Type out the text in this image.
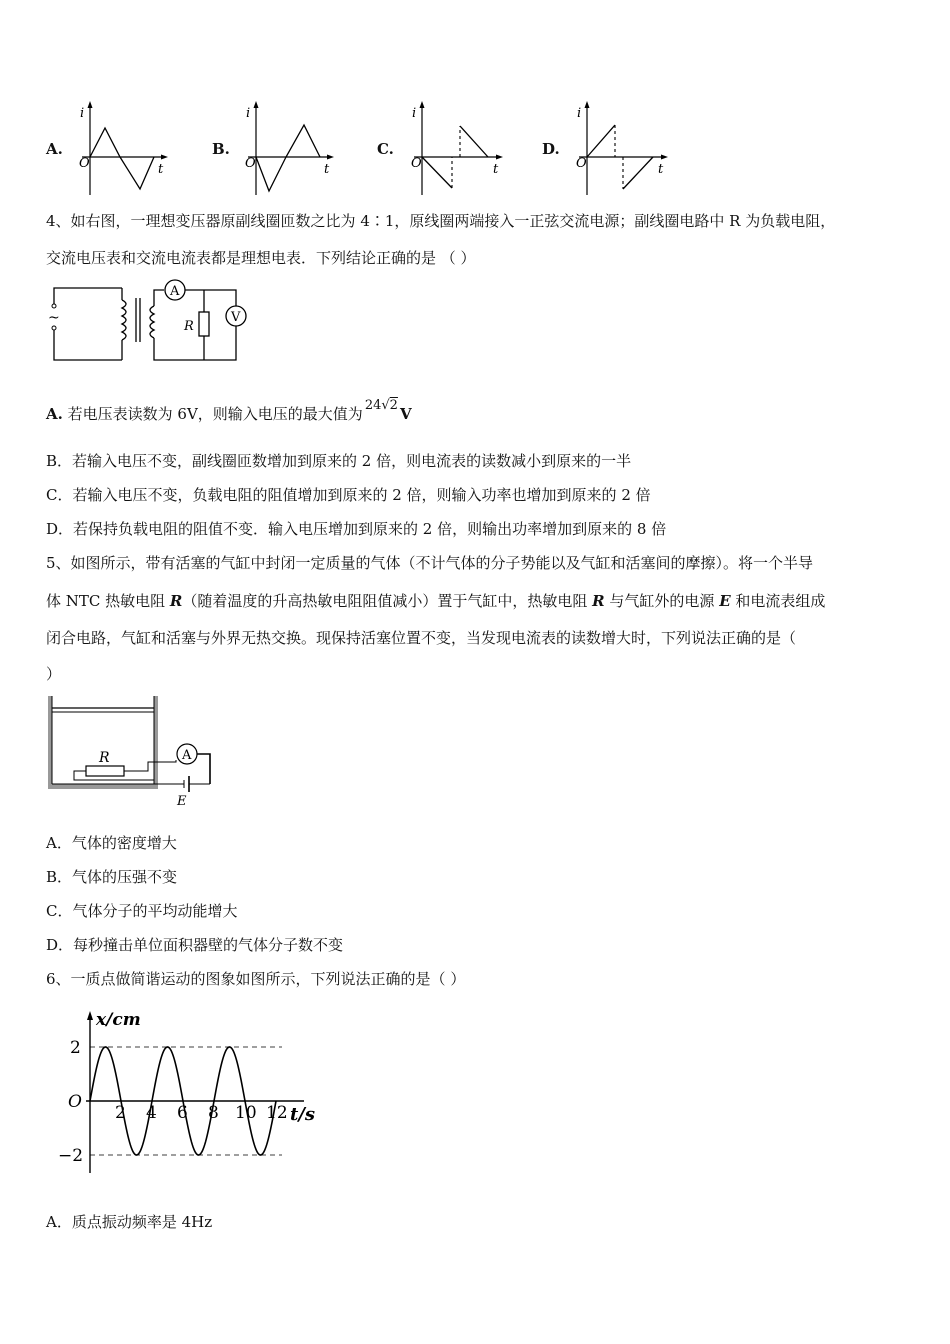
A.
O
i
t
B.
O
i
t
C.
O
i
t
D.
O
i
t
4、如右图，一理想变压器原副线圈匝数之比为 4∶1，原线圈两端接入一正弦交流电源；副线圈电路中 R 为负载电阻，
交流电压表和交流电流表都是理想电表．下列结论正确的是 （ ）
~
A
R
V
A. 若电压表读数为 6V，则输入电压的最大值为 24√2 V
B．若输入电压不变，副线圈匝数增加到原来的 2 倍，则电流表的读数减小到原来的一半
C．若输入电压不变，负载电阻的阻值增加到原来的 2 倍，则输入功率也增加到原来的 2 倍
D．若保持负载电阻的阻值不变．输入电压增加到原来的 2 倍，则输出功率增加到原来的 8 倍
5、如图所示，带有活塞的气缸中封闭一定质量的气体（不计气体的分子势能以及气缸和活塞间的摩擦）。将一个半导
体 NTC 热敏电阻 R（随着温度的升高热敏电阻阻值减小）置于气缸中，热敏电阻 R 与气缸外的电源 E 和电流表组成
闭合电路，气缸和活塞与外界无热交换。现保持活塞位置不变，当发现电流表的读数增大时，下列说法正确的是（
）
R	A
E
A．气体的密度增大
B．气体的压强不变
C．气体分子的平均动能增大
D．每秒撞击单位面积器壁的气体分子数不变
6、一质点做简谐运动的图象如图所示，下列说法正确的是（ ）
2 4 6 8 10 12
2
O
−2
x/cm
t/s
A．质点振动频率是 4Hz
